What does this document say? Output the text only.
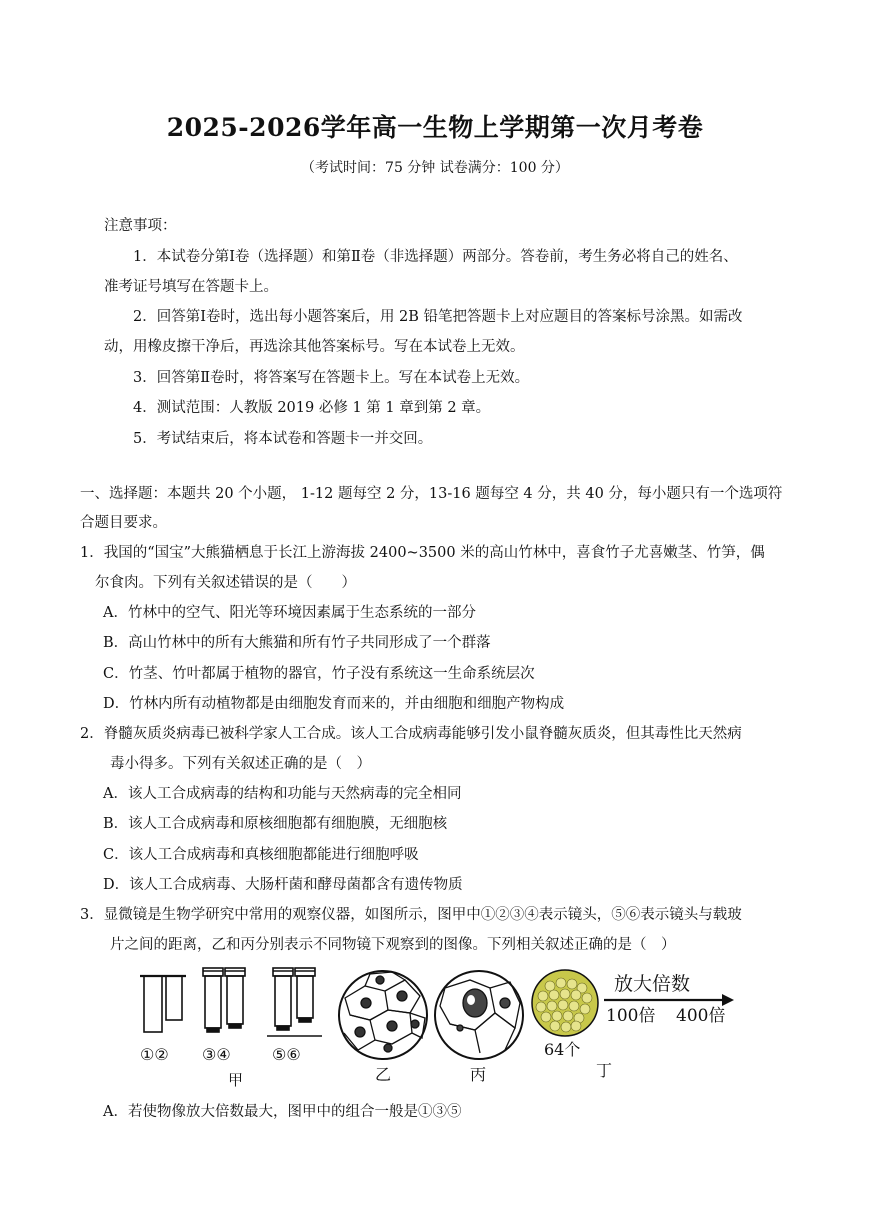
2025-2026学年高一生物上学期第一次月考卷
（考试时间：75 分钟 试卷满分：100 分）
注意事项：
1．本试卷分第Ⅰ卷（选择题）和第Ⅱ卷（非选择题）两部分。答卷前，考生务必将自己的姓名、
准考证号填写在答题卡上。
2．回答第Ⅰ卷时，选出每小题答案后，用 2B 铅笔把答题卡上对应题目的答案标号涂黑。如需改
动，用橡皮擦干净后，再选涂其他答案标号。写在本试卷上无效。
3．回答第Ⅱ卷时，将答案写在答题卡上。写在本试卷上无效。
4．测试范围：人教版 2019 必修 1 第 1 章到第 2 章。
5．考试结束后，将本试卷和答题卡一并交回。
一、选择题：本题共 20 个小题， 1-12 题每空 2 分，13-16 题每空 4 分，共 40 分，每小题只有一个选项符
合题目要求。
1．我国的“国宝”大熊猫栖息于长江上游海拔 2400~3500 米的高山竹林中，喜食竹子尤喜嫩茎、竹笋，偶
尔食肉。下列有关叙述错误的是（　　）
A．竹林中的空气、阳光等环境因素属于生态系统的一部分
B．高山竹林中的所有大熊猫和所有竹子共同形成了一个群落
C．竹茎、竹叶都属于植物的器官，竹子没有系统这一生命系统层次
D．竹林内所有动植物都是由细胞发育而来的，并由细胞和细胞产物构成
2．脊髓灰质炎病毒已被科学家人工合成。该人工合成病毒能够引发小鼠脊髓灰质炎，但其毒性比天然病
毒小得多。下列有关叙述正确的是（　）
A．该人工合成病毒的结构和功能与天然病毒的完全相同
B．该人工合成病毒和原核细胞都有细胞膜，无细胞核
C．该人工合成病毒和真核细胞都能进行细胞呼吸
D．该人工合成病毒、大肠杆菌和酵母菌都含有遗传物质
3．显微镜是生物学研究中常用的观察仪器，如图所示，图甲中①②③④表示镜头，⑤⑥表示镜头与载玻
片之间的距离，乙和丙分别表示不同物镜下观察到的图像。下列相关叙述正确的是（　）
①② ③④	⑤⑥
甲	乙	丙
64个
丁
放大倍数
100倍 400倍
A．若使物像放大倍数最大，图甲中的组合一般是①③⑤
